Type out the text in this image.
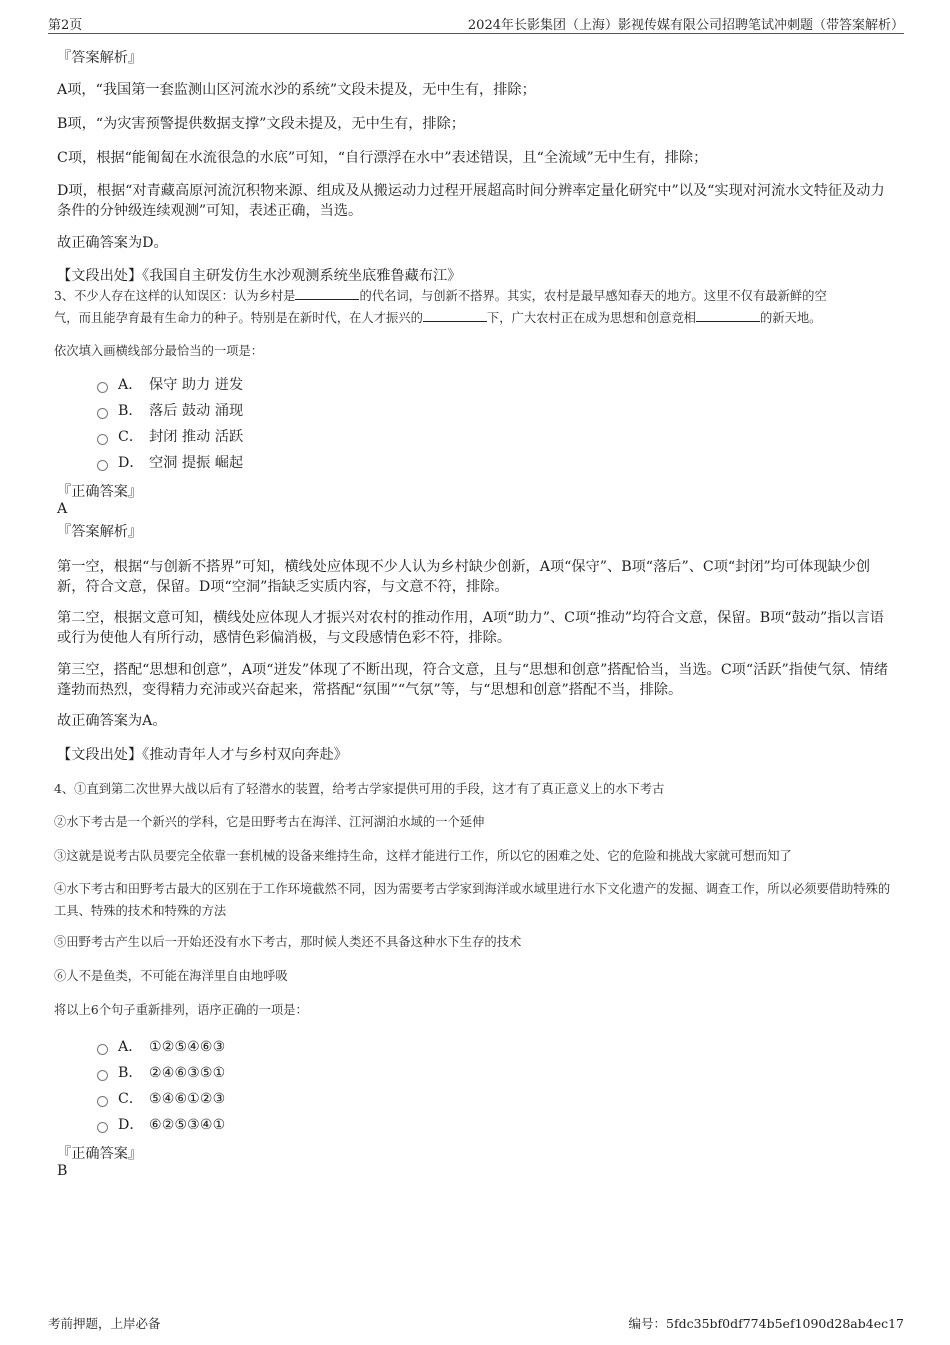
第2页	2024年长影集团（上海）影视传媒有限公司招聘笔试冲刺题（带答案解析）
『答案解析』
A项，“我国第一套监测山区河流水沙的系统”文段未提及，无中生有，排除；
B项，“为灾害预警提供数据支撑”文段未提及，无中生有，排除；
C项，根据“能匍匐在水流很急的水底”可知，“自行漂浮在水中”表述错误，且“全流域”无中生有，排除；
D项，根据“对青藏高原河流沉积物来源、组成及从搬运动力过程开展超高时间分辨率定量化研究中”以及“实现对河流水文特征及动力条件的分钟级连续观测”可知，表述正确，当选。
故正确答案为D。
【文段出处】《我国自主研发仿生水沙观测系统坐底雅鲁藏布江》
3、不少人存在这样的认知误区：认为乡村是	的代名词，与创新不搭界。其实，农村是最早感知春天的地方。这里不仅有最新鲜的空
气，而且能孕育最有生命力的种子。特别是在新时代，在人才振兴的	下，广大农村正在成为思想和创意竞相	的新天地。
依次填入画横线部分最恰当的一项是：
A． 保守 助力 迸发
B． 落后 鼓动 涌现
C． 封闭 推动 活跃
D． 空洞 提振 崛起
『正确答案』
A
『答案解析』
第一空，根据“与创新不搭界”可知，横线处应体现不少人认为乡村缺少创新，A项“保守”、B项“落后”、C项“封闭”均可体现缺少创新，符合文意，保留。D项“空洞”指缺乏实质内容，与文意不符，排除。
第二空，根据文意可知，横线处应体现人才振兴对农村的推动作用，A项“助力”、C项“推动”均符合文意，保留。B项“鼓动”指以言语或行为使他人有所行动，感情色彩偏消极，与文段感情色彩不符，排除。
第三空，搭配“思想和创意”，A项“迸发”体现了不断出现，符合文意，且与“思想和创意”搭配恰当，当选。C项“活跃”指使气氛、情绪蓬勃而热烈，变得精力充沛或兴奋起来，常搭配“氛围”“气氛”等，与“思想和创意”搭配不当，排除。
故正确答案为A。
【文段出处】《推动青年人才与乡村双向奔赴》
4、①直到第二次世界大战以后有了轻潜水的装置，给考古学家提供可用的手段，这才有了真正意义上的水下考古
②水下考古是一个新兴的学科，它是田野考古在海洋、江河湖泊水域的一个延伸
③这就是说考古队员要完全依靠一套机械的设备来维持生命，这样才能进行工作，所以它的困难之处、它的危险和挑战大家就可想而知了
④水下考古和田野考古最大的区别在于工作环境截然不同，因为需要考古学家到海洋或水域里进行水下文化遗产的发掘、调查工作，所以必须要借助特殊的工具、特殊的技术和特殊的方法
⑤田野考古产生以后一开始还没有水下考古，那时候人类还不具备这种水下生存的技术
⑥人不是鱼类，不可能在海洋里自由地呼吸
将以上6个句子重新排列，语序正确的一项是：
A． ①②⑤④⑥③
B． ②④⑥③⑤①
C． ⑤④⑥①②③
D． ⑥②⑤③④①
『正确答案』
B
考前押题，上岸必备	编号：5fdc35bf0df774b5ef1090d28ab4ec17
